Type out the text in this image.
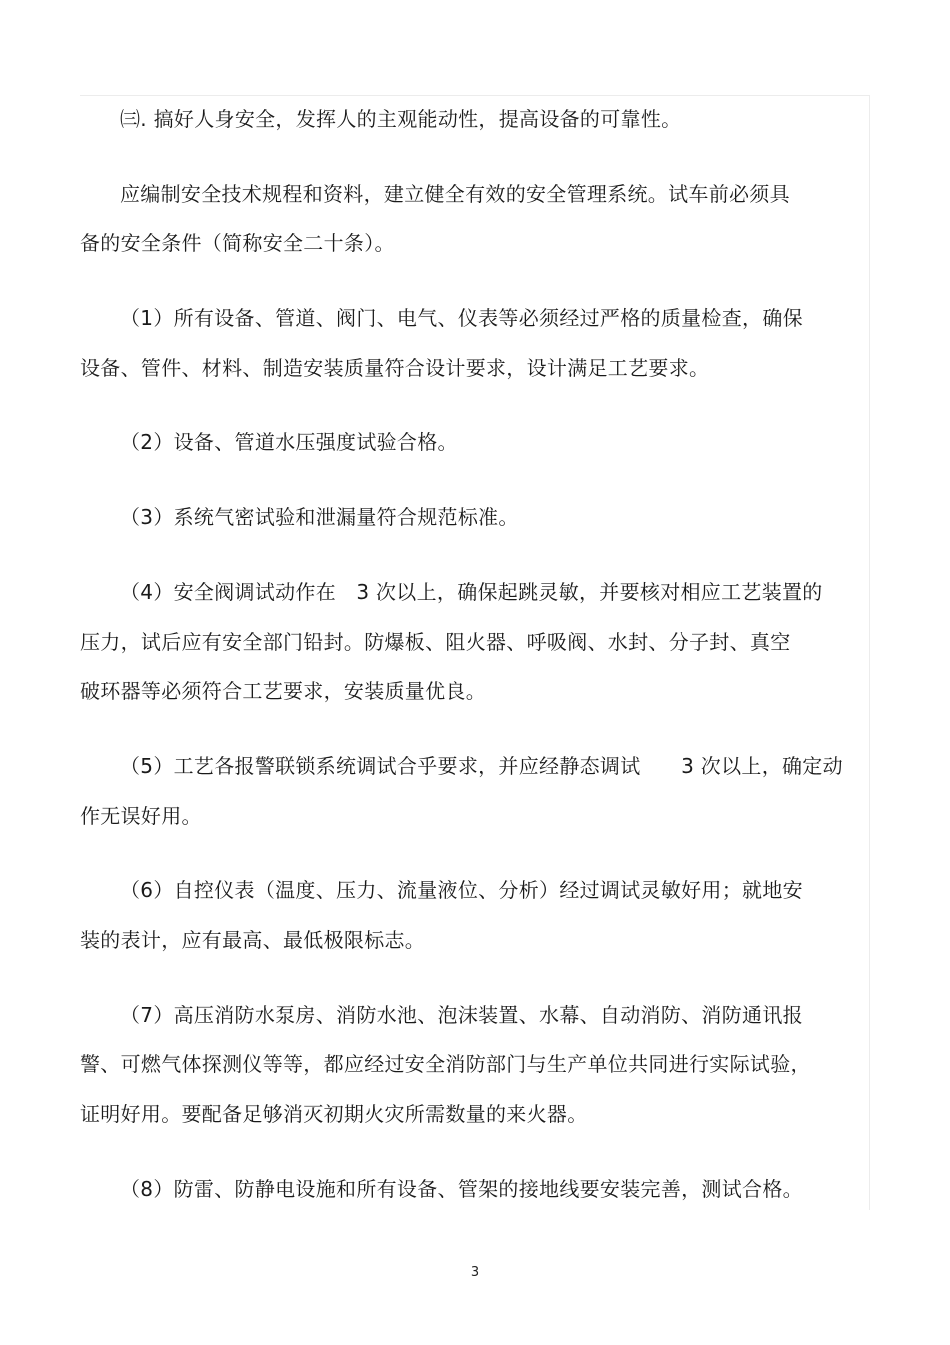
㈢. 搞好人身安全，发挥人的主观能动性，提高设备的可靠性。
应编制安全技术规程和资料，建立健全有效的安全管理系统。试车前必须具
备的安全条件（简称安全二十条）。
（1）所有设备、管道、阀门、电气、仪表等必须经过严格的质量检查，确保
设备、管件、材料、制造安装质量符合设计要求，设计满足工艺要求。
（2）设备、管道水压强度试验合格。
（3）系统气密试验和泄漏量符合规范标准。
（4）安全阀调试动作在　3 次以上，确保起跳灵敏，并要核对相应工艺装置的
压力，试后应有安全部门铅封。防爆板、阻火器、呼吸阀、水封、分子封、真空
破环器等必须符合工艺要求，安装质量优良。
（5）工艺各报警联锁系统调试合乎要求，并应经静态调试　　3 次以上，确定动
作无误好用。
（6）自控仪表（温度、压力、流量液位、分析）经过调试灵敏好用；就地安
装的表计，应有最高、最低极限标志。
（7）高压消防水泵房、消防水池、泡沫装置、水幕、自动消防、消防通讯报
警、可燃气体探测仪等等，都应经过安全消防部门与生产单位共同进行实际试验，
证明好用。要配备足够消灭初期火灾所需数量的来火器。
（8）防雷、防静电设施和所有设备、管架的接地线要安装完善，测试合格。
3
